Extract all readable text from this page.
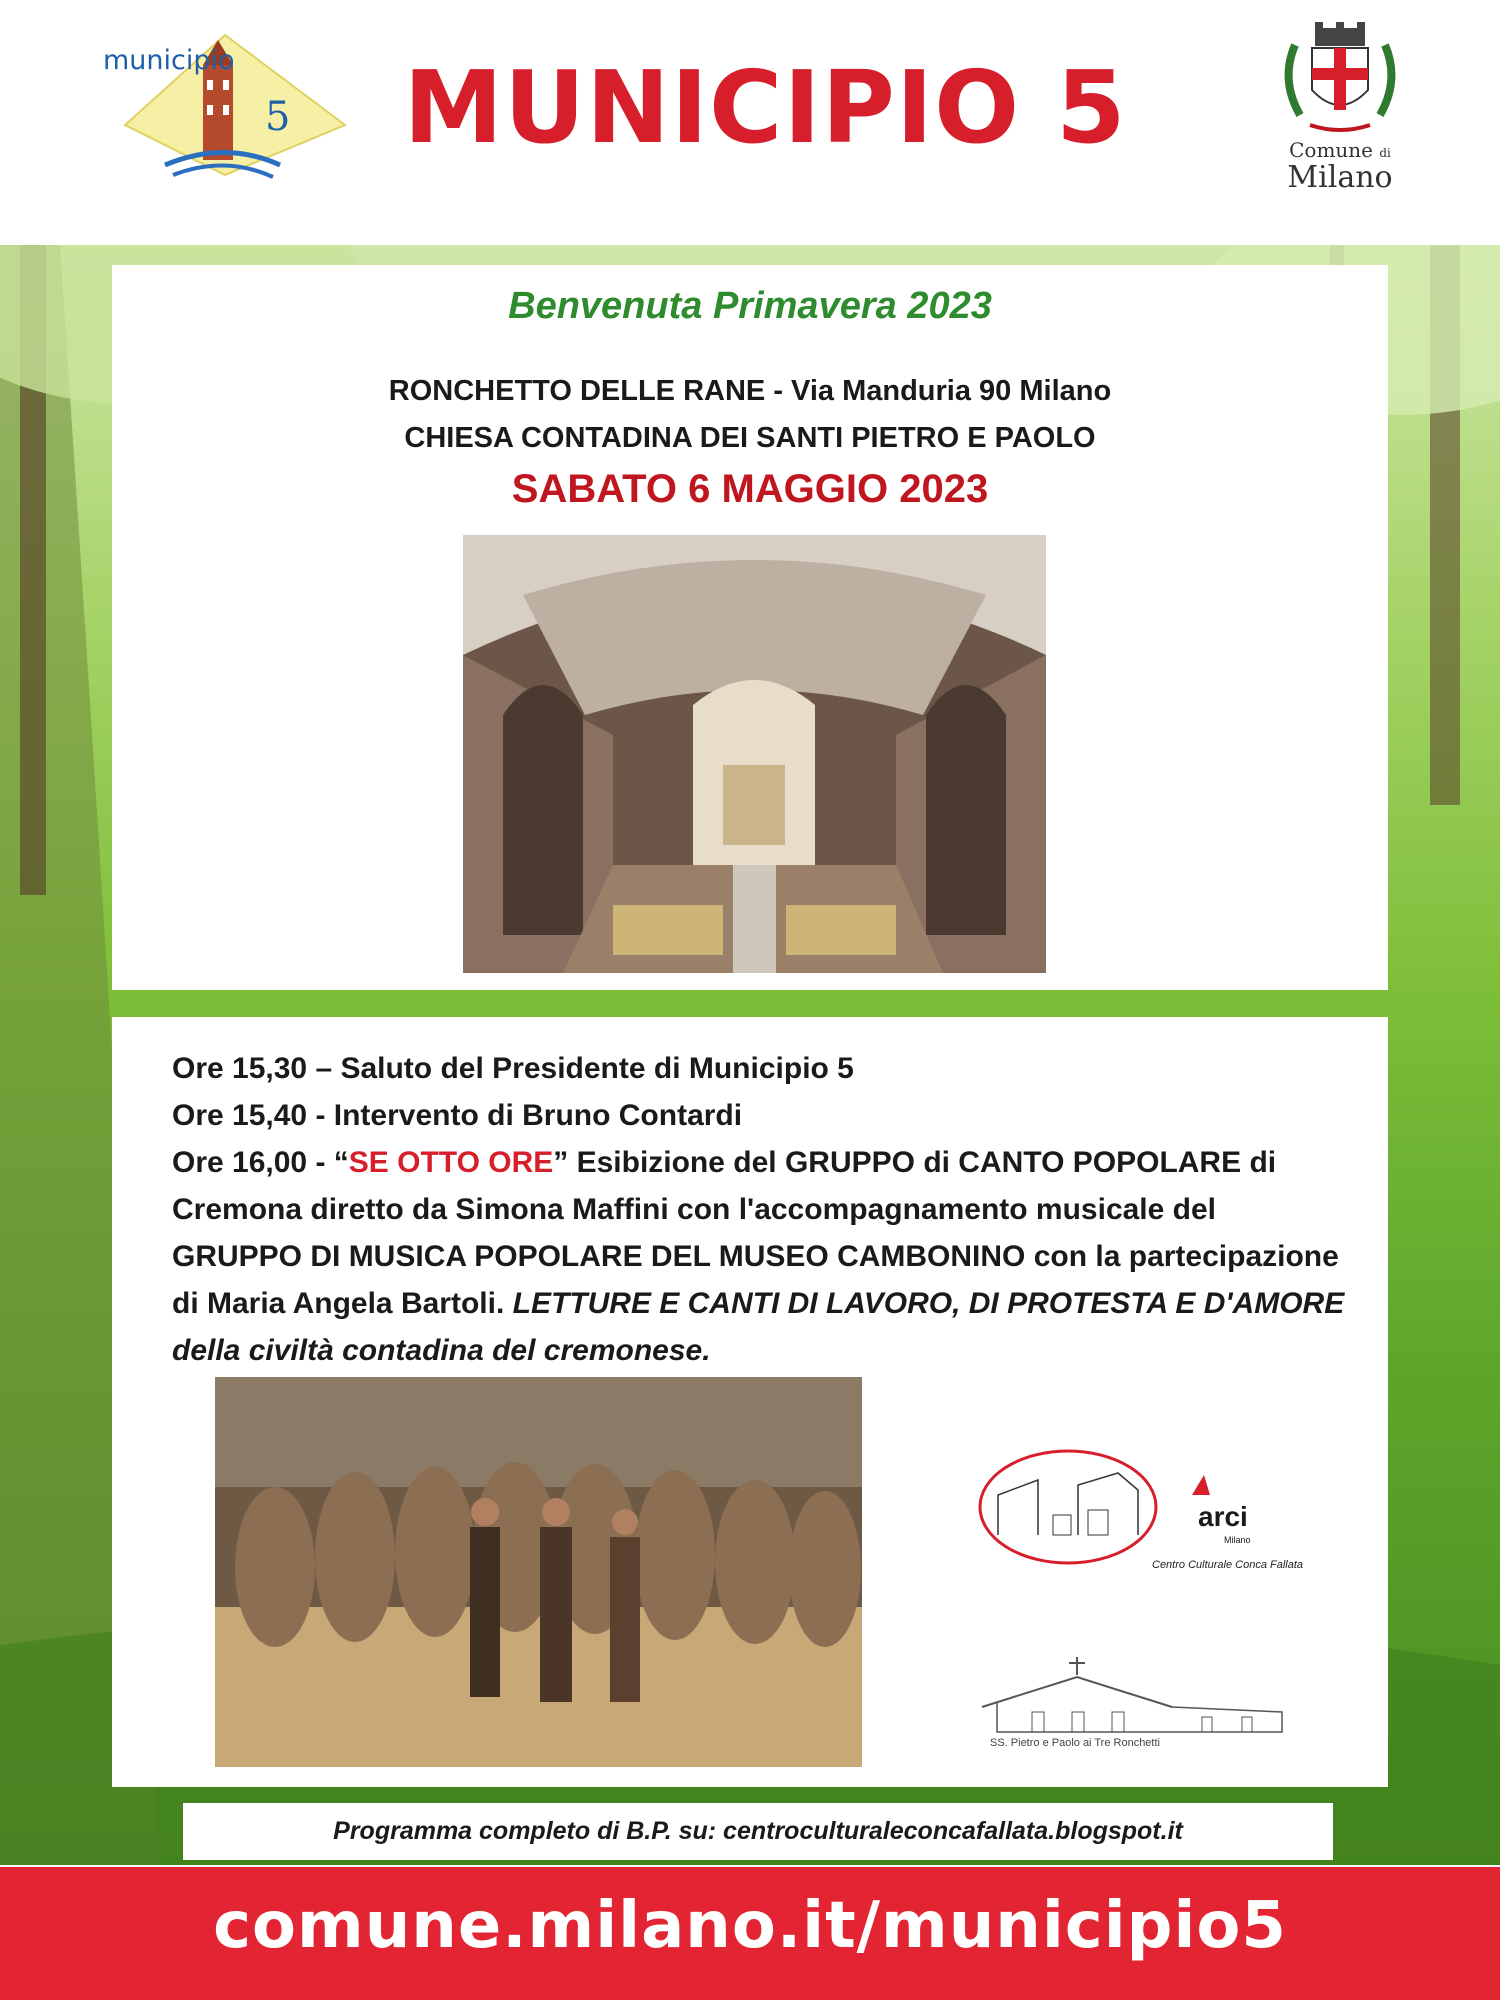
5
municipio	MUNICIPIO 5	Comune di
Milano
Benvenuta Primavera 2023
RONCHETTO DELLE RANE - Via Manduria 90 Milano
CHIESA CONTADINA DEI SANTI PIETRO E PAOLO
SABATO 6 MAGGIO 2023
Ore 15,30 – Saluto del Presidente di Municipio 5
Ore 15,40 - Intervento di Bruno Contardi
Ore 16,00 - “SE OTTO ORE” Esibizione del GRUPPO di CANTO POPOLARE di Cremona diretto da Simona Maffini con l'accompagnamento musicale del GRUPPO DI MUSICA POPOLARE DEL MUSEO CAMBONINO con la partecipazione di Maria Angela Bartoli. LETTURE E CANTI DI LAVORO, DI PROTESTA E D'AMORE della civiltà contadina del cremonese.
arci
Milano
Centro Culturale Conca Fallata
SS. Pietro e Paolo ai Tre Ronchetti
Programma completo di B.P. su: centroculturaleconcafallata.blogspot.it
comune.milano.it/municipio5
